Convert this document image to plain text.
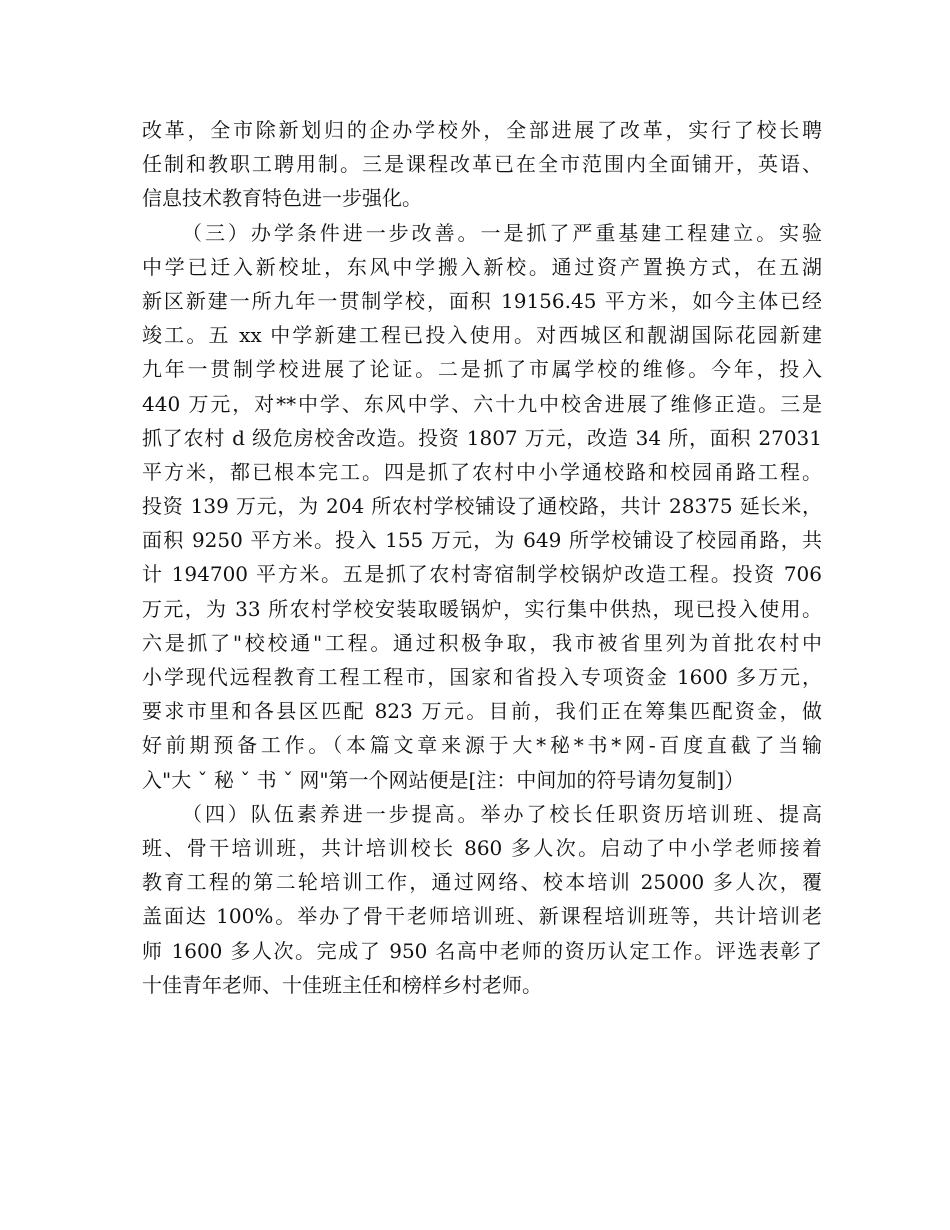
改革，全市除新划归的企办学校外，全部进展了改革，实行了校长聘
任制和教职工聘用制。三是课程改革已在全市范围内全面铺开，英语、
信息技术教育特色进一步强化。
（三）办学条件进一步改善。一是抓了严重基建工程建立。实验
中学已迁入新校址，东风中学搬入新校。通过资产置换方式，在五湖
新区新建一所九年一贯制学校，面积 19156.45 平方米，如今主体已经
竣工。五 xx 中学新建工程已投入使用。对西城区和靓湖国际花园新建
九年一贯制学校进展了论证。二是抓了市属学校的维修。今年，投入
440 万元，对**中学、东风中学、六十九中校舍进展了维修正造。三是
抓了农村 d 级危房校舍改造。投资 1807 万元，改造 34 所，面积 27031
平方米，都已根本完工。四是抓了农村中小学通校路和校园甬路工程。
投资 139 万元，为 204 所农村学校铺设了通校路，共计 28375 延长米，
面积 9250 平方米。投入 155 万元，为 649 所学校铺设了校园甬路，共
计 194700 平方米。五是抓了农村寄宿制学校锅炉改造工程。投资 706
万元，为 33 所农村学校安装取暖锅炉，实行集中供热，现已投入使用。
六是抓了"校校通"工程。通过积极争取，我市被省里列为首批农村中
小学现代远程教育工程工程市，国家和省投入专项资金 1600 多万元，
要求市里和各县区匹配 823 万元。目前，我们正在筹集匹配资金，做
好前期预备工作。（本篇文章来源于大*秘*书*网-百度直截了当输
入"大 ˇ 秘 ˇ 书 ˇ 网"第一个网站便是[注：中间加的符号请勿复制]）
（四）队伍素养进一步提高。举办了校长任职资历培训班、提高
班、骨干培训班，共计培训校长 860 多人次。启动了中小学老师接着
教育工程的第二轮培训工作，通过网络、校本培训 25000 多人次，覆
盖面达 100%。举办了骨干老师培训班、新课程培训班等，共计培训老
师 1600 多人次。完成了 950 名高中老师的资历认定工作。评选表彰了
十佳青年老师、十佳班主任和榜样乡村老师。
